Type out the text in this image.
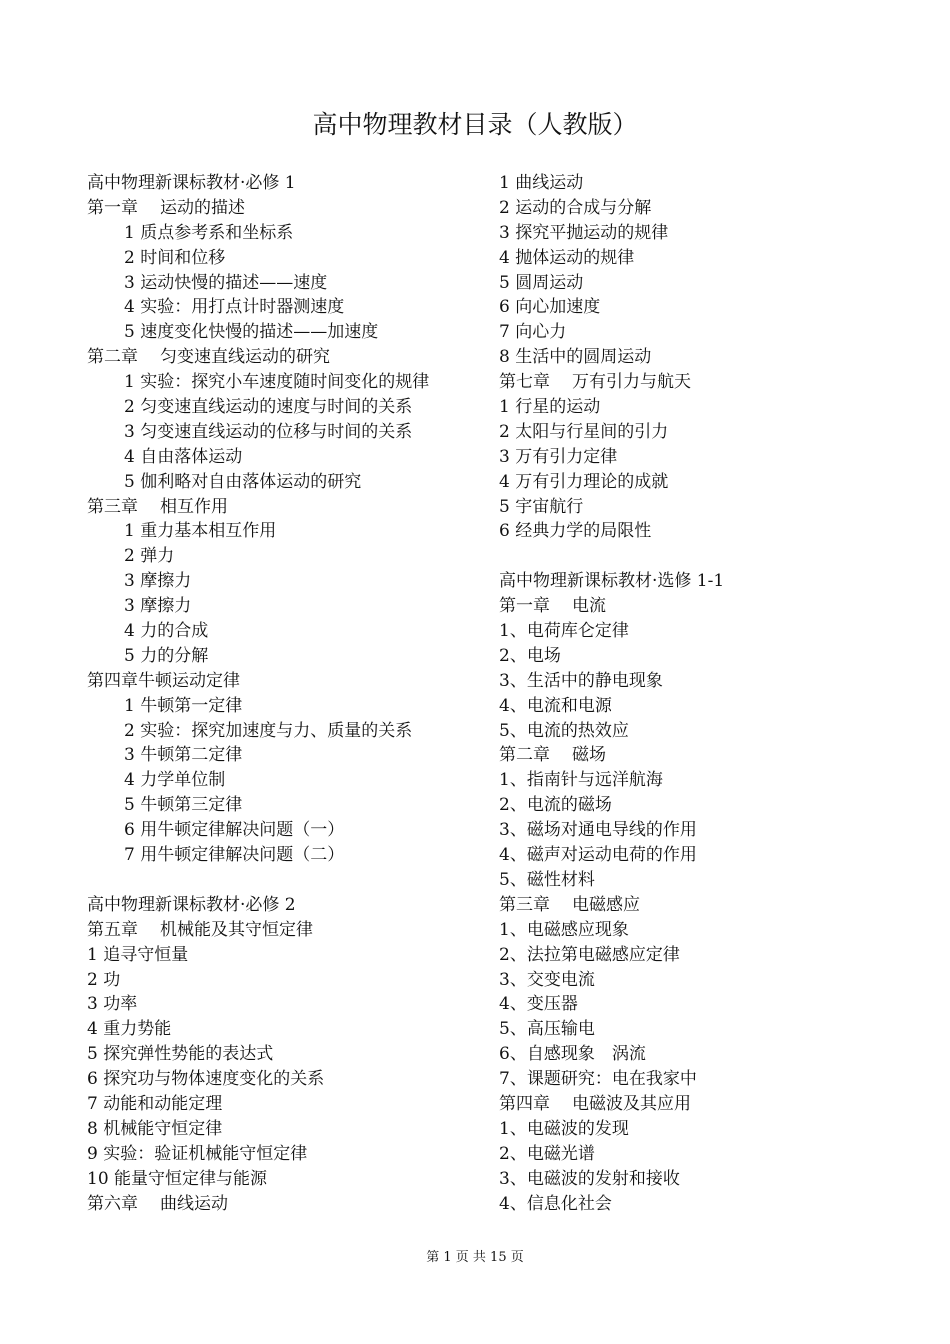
高中物理教材目录（人教版）
高中物理新课标教材·必修 1
第一章 运动的描述
1 质点参考系和坐标系
2 时间和位移
3 运动快慢的描述——速度
4 实验：用打点计时器测速度
5 速度变化快慢的描述——加速度
第二章 匀变速直线运动的研究
1 实验：探究小车速度随时间变化的规律
2 匀变速直线运动的速度与时间的关系
3 匀变速直线运动的位移与时间的关系
4 自由落体运动
5 伽利略对自由落体运动的研究
第三章 相互作用
1 重力基本相互作用
2 弹力
3 摩擦力
3 摩擦力
4 力的合成
5 力的分解
第四章牛顿运动定律
1 牛顿第一定律
2 实验：探究加速度与力、质量的关系
3 牛顿第二定律
4 力学单位制
5 牛顿第三定律
6 用牛顿定律解决问题（一）
7 用牛顿定律解决问题（二）
高中物理新课标教材·必修 2
第五章 机械能及其守恒定律
1 追寻守恒量
2 功
3 功率
4 重力势能
5 探究弹性势能的表达式
6 探究功与物体速度变化的关系
7 动能和动能定理
8 机械能守恒定律
9 实验：验证机械能守恒定律
10 能量守恒定律与能源
第六章 曲线运动
1 曲线运动
2 运动的合成与分解
3 探究平抛运动的规律
4 抛体运动的规律
5 圆周运动
6 向心加速度
7 向心力
8 生活中的圆周运动
第七章 万有引力与航天
1 行星的运动
2 太阳与行星间的引力
3 万有引力定律
4 万有引力理论的成就
5 宇宙航行
6 经典力学的局限性
高中物理新课标教材·选修 1-1
第一章 电流
1、电荷库仑定律
2、电场
3、生活中的静电现象
4、电流和电源
5、电流的热效应
第二章 磁场
1、指南针与远洋航海
2、电流的磁场
3、磁场对通电导线的作用
4、磁声对运动电荷的作用
5、磁性材料
第三章 电磁感应
1、电磁感应现象
2、法拉第电磁感应定律
3、交变电流
4、变压器
5、高压输电
6、自感现象　涡流
7、课题研究：电在我家中
第四章 电磁波及其应用
1、电磁波的发现
2、电磁光谱
3、电磁波的发射和接收
4、信息化社会
第 1 页 共 15 页
